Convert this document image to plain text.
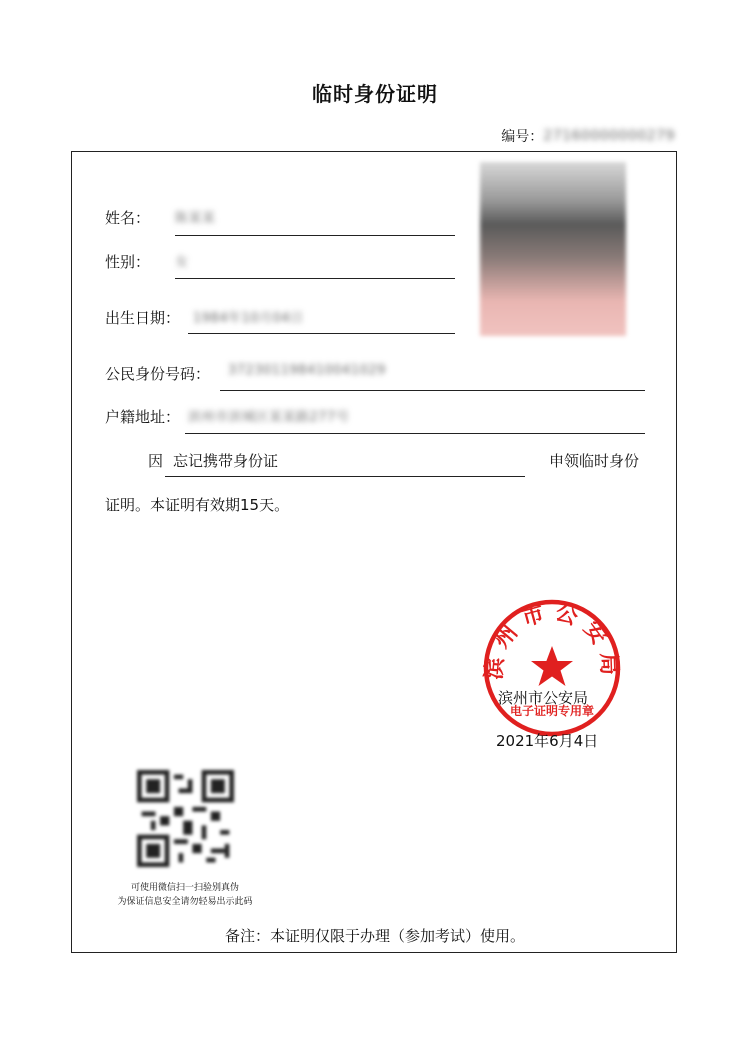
临时身份证明
编号： 27160000000279
姓名： 陈某某
性别： 女
出生日期： 1984年10月04日
公民身份号码： 372301198410041029
户籍地址： 滨州市滨城区某某路277号
因 忘记携带身份证	申领临时身份
证明。本证明有效期15天。
滨州市公安局
电子证明专用章
滨州市公安局
2021年6月4日
可使用微信扫一扫验别真伪
为保证信息安全请勿轻易出示此码
备注：本证明仅限于办理（参加考试）使用。
